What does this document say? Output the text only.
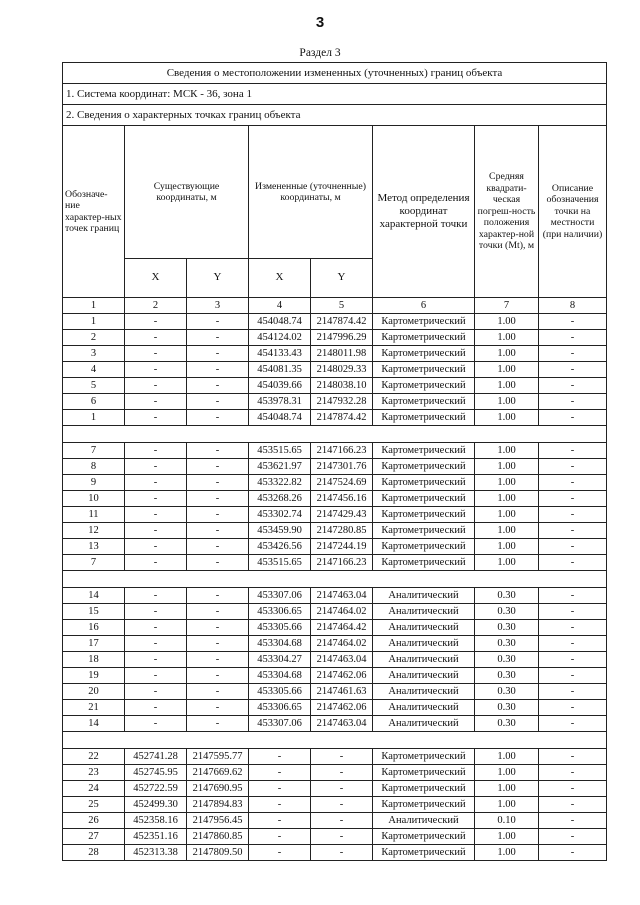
3
Раздел 3
Сведения о местоположении измененных (уточненных) границ объекта							
1. Система координат: МСК - 36, зона 1							
2. Сведения о характерных точках границ объекта							
Обозначе-ние характер-ных точек границ	Существующие координаты, м		Измененные (уточненные) координаты, м		Метод определения координат характерной точки	Средняя квадрати-ческая погреш-ность положения характер-ной точки (Mt), м	Описание обозначения точки на местности (при наличии)
	X	Y	X	Y			
1	2	3	4	5	6	7	8
1	-	-	454048.74	2147874.42	Картометрический	1.00	-
2	-	-	454124.02	2147996.29	Картометрический	1.00	-
3	-	-	454133.43	2148011.98	Картометрический	1.00	-
4	-	-	454081.35	2148029.33	Картометрический	1.00	-
5	-	-	454039.66	2148038.10	Картометрический	1.00	-
6	-	-	453978.31	2147932.28	Картометрический	1.00	-
1	-	-	454048.74	2147874.42	Картометрический	1.00	-

7	-	-	453515.65	2147166.23	Картометрический	1.00	-
8	-	-	453621.97	2147301.76	Картометрический	1.00	-
9	-	-	453322.82	2147524.69	Картометрический	1.00	-
10	-	-	453268.26	2147456.16	Картометрический	1.00	-
11	-	-	453302.74	2147429.43	Картометрический	1.00	-
12	-	-	453459.90	2147280.85	Картометрический	1.00	-
13	-	-	453426.56	2147244.19	Картометрический	1.00	-
7	-	-	453515.65	2147166.23	Картометрический	1.00	-

14	-	-	453307.06	2147463.04	Аналитический	0.30	-
15	-	-	453306.65	2147464.02	Аналитический	0.30	-
16	-	-	453305.66	2147464.42	Аналитический	0.30	-
17	-	-	453304.68	2147464.02	Аналитический	0.30	-
18	-	-	453304.27	2147463.04	Аналитический	0.30	-
19	-	-	453304.68	2147462.06	Аналитический	0.30	-
20	-	-	453305.66	2147461.63	Аналитический	0.30	-
21	-	-	453306.65	2147462.06	Аналитический	0.30	-
14	-	-	453307.06	2147463.04	Аналитический	0.30	-

22	452741.28	2147595.77	-	-	Картометрический	1.00	-
23	452745.95	2147669.62	-	-	Картометрический	1.00	-
24	452722.59	2147690.95	-	-	Картометрический	1.00	-
25	452499.30	2147894.83	-	-	Картометрический	1.00	-
26	452358.16	2147956.45	-	-	Аналитический	0.10	-
27	452351.16	2147860.85	-	-	Картометрический	1.00	-
28	452313.38	2147809.50	-	-	Картометрический	1.00	-
